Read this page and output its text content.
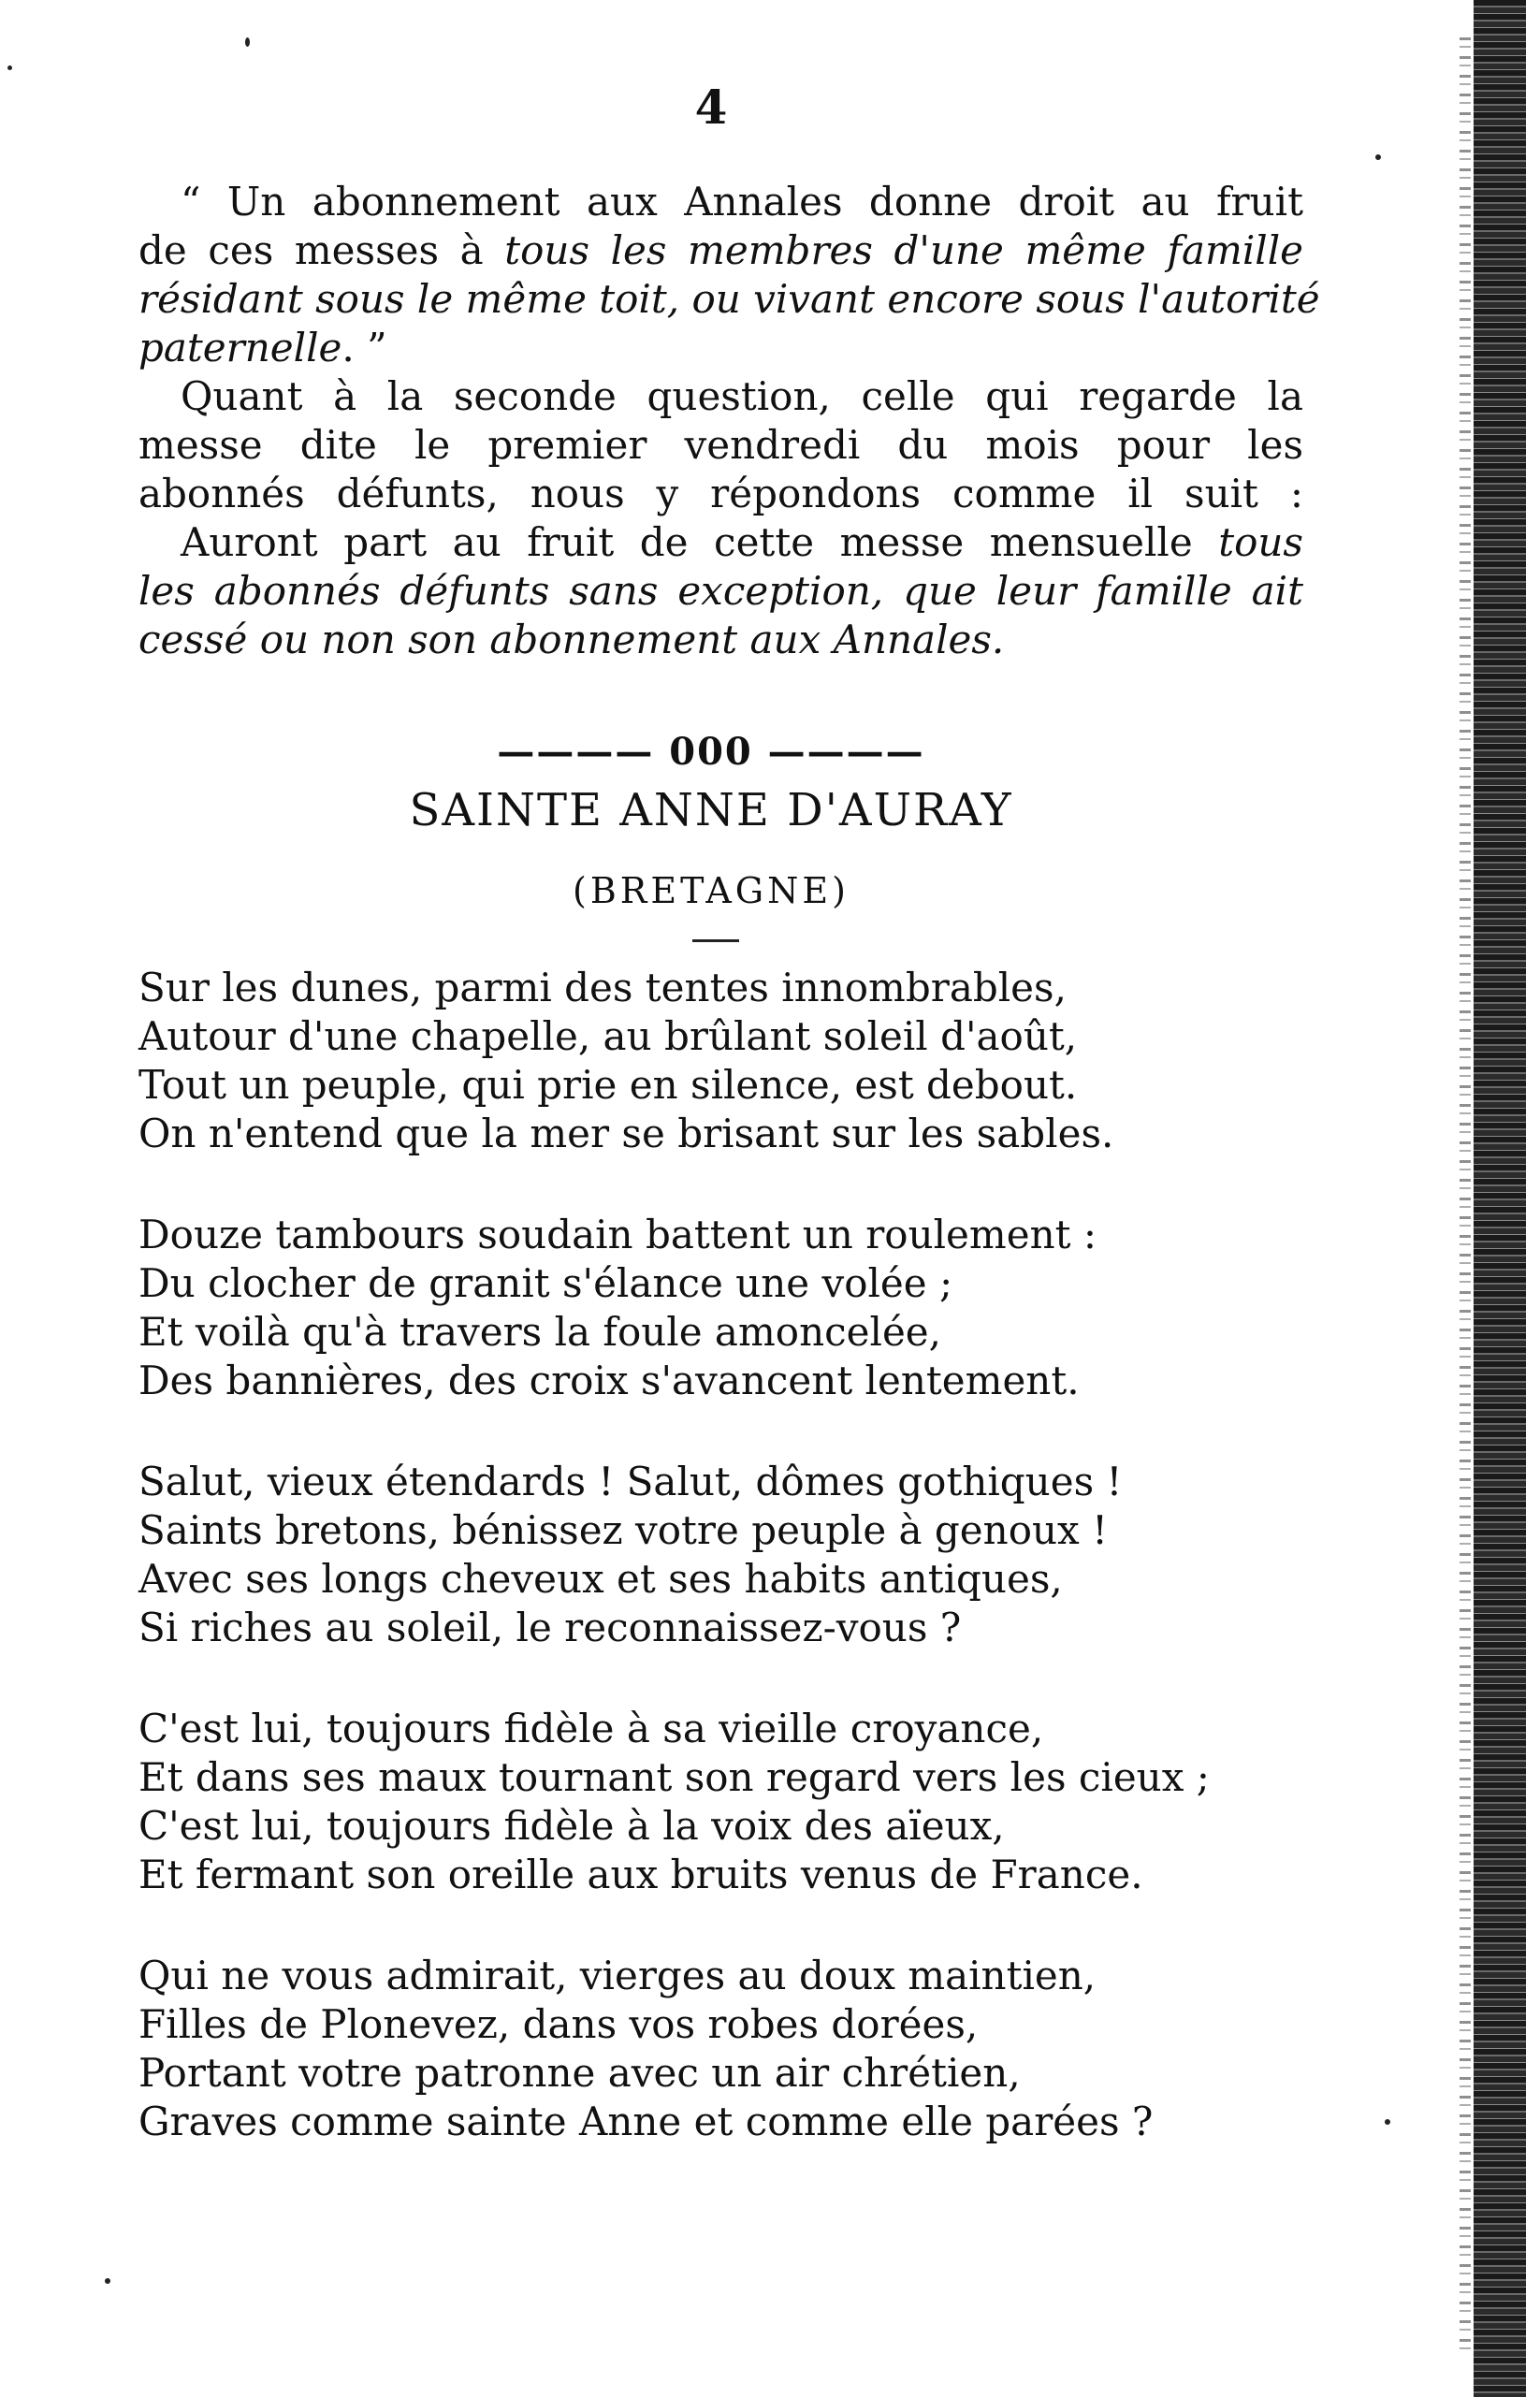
4
“ Un abonnement aux Annales donne droit au fruit
de ces messes à tous les membres d'une même famille
résidant sous le même toit, ou vivant encore sous l'autorité
paternelle. ”
Quant à la seconde question, celle qui regarde la
messe dite le premier vendredi du mois pour les
abonnés défunts, nous y répondons comme il suit :
Auront part au fruit de cette messe mensuelle tous
les abonnés défunts sans exception, que leur famille ait
cessé ou non son abonnement aux Annales.
———— 000 ————
SAINTE ANNE D'AURAY
(BRETAGNE)
Sur les dunes, parmi des tentes innombrables,
Autour d'une chapelle, au brûlant soleil d'août,
Tout un peuple, qui prie en silence, est debout.
On n'entend que la mer se brisant sur les sables.
Douze tambours soudain battent un roulement :
Du clocher de granit s'élance une volée ;
Et voilà qu'à travers la foule amoncelée,
Des bannières, des croix s'avancent lentement.
Salut, vieux étendards ! Salut, dômes gothiques !
Saints bretons, bénissez votre peuple à genoux !
Avec ses longs cheveux et ses habits antiques,
Si riches au soleil, le reconnaissez-vous ?
C'est lui, toujours fidèle à sa vieille croyance,
Et dans ses maux tournant son regard vers les cieux ;
C'est lui, toujours fidèle à la voix des aïeux,
Et fermant son oreille aux bruits venus de France.
Qui ne vous admirait, vierges au doux maintien,
Filles de Plonevez, dans vos robes dorées,
Portant votre patronne avec un air chrétien,
Graves comme sainte Anne et comme elle parées ?
